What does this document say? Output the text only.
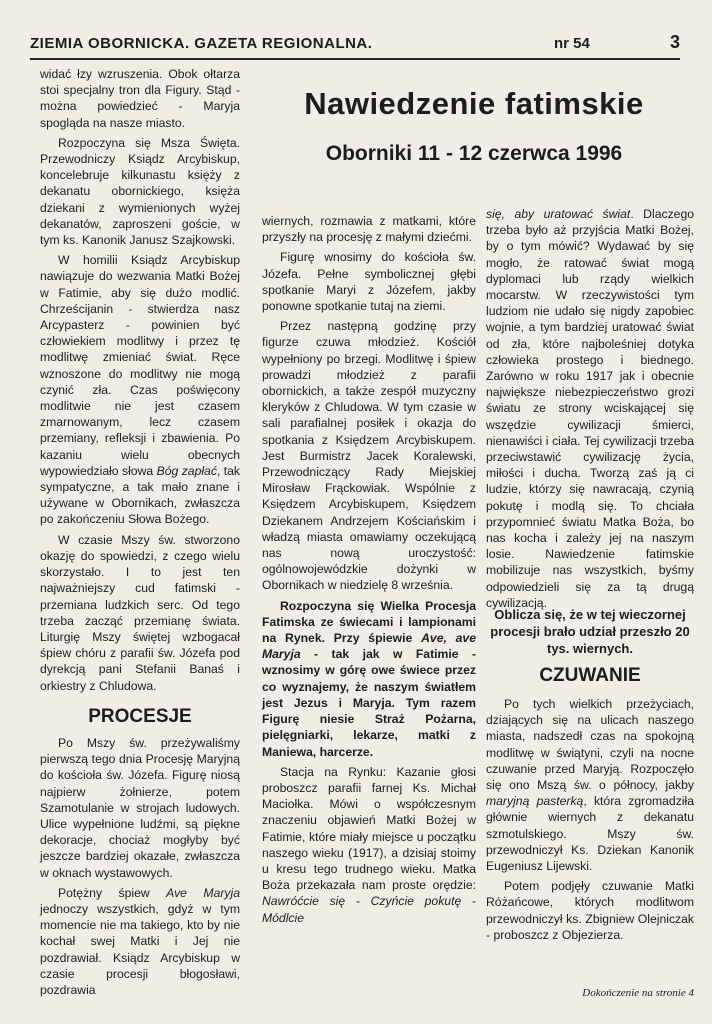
ZIEMIA OBORNICKA. GAZETA REGIONALNA.	nr 54	3
Nawiedzenie fatimskie
Oborniki 11 - 12 czerwca 1996

widać łzy wzruszenia. Obok ołtarza stoi specjalny tron dla Figury. Stąd - można powiedzieć - Maryja spogląda na nasze miasto.

Rozpoczyna się Msza Święta. Przewodniczy Ksiądz Arcybiskup, koncelebruje kilkunastu księży z dekanatu obornickiego, księża dziekani z wymienionych wyżej dekanatów, zaproszeni goście, w tym ks. Kanonik Janusz Szajkowski.

W homilii Ksiądz Arcybiskup nawiązuje do wezwania Matki Bożej w Fatimie, aby się dużo modlić. Chrześcijanin - stwierdza nasz Arcypasterz - powinien być człowiekiem modlitwy i przez tę modlitwę zmieniać świat. Ręce wznoszone do modlitwy nie mogą czynić zła. Czas poświęcony modlitwie nie jest czasem zmarnowanym, lecz czasem przemiany, refleksji i zbawienia. Po kazaniu wielu obecnych wypowiedziało słowa Bóg zapłać, tak sympatyczne, a tak mało znane i używane w Obornikach, zwłaszcza po zakończeniu Słowa Bożego.

W czasie Mszy św. stworzono okazję do spowiedzi, z czego wielu skorzystało. I to jest ten najważniejszy cud fatimski - przemiana ludzkich serc. Od tego trzeba zacząć przemianę świata. Liturgię Mszy świętej wzbogacał śpiew chóru z parafii św. Józefa pod dyrekcją pani Stefanii Banaś i orkiestry z Chludowa.

PROCESJE

Po Mszy św. przeżywaliśmy pierwszą tego dnia Procesję Maryjną do kościoła św. Józefa. Figurę niosą najpierw żołnierze, potem Szamotulanie w strojach ludowych. Ulice wypełnione ludźmi, są piękne dekoracje, chociaż mogłyby być jeszcze bardziej okazałe, zwłaszcza w oknach wystawowych.

Potężny śpiew Ave Maryja jednoczy wszystkich, gdyż w tym momencie nie ma takiego, kto by nie kochał swej Matki i Jej nie pozdrawiał. Ksiądz Arcybiskup w czasie procesji błogosławi, pozdrawia

wiernych, rozmawia z matkami, które przyszły na procesję z małymi dziećmi.

Figurę wnosimy do kościoła św. Józefa. Pełne symbolicznej głębi spotkanie Maryi z Józefem, jakby ponowne spotkanie tutaj na ziemi.

Przez następną godzinę przy figurze czuwa młodzież. Kościół wypełniony po brzegi. Modlitwę i śpiew prowadzi młodzież z parafii obornickich, a także zespół muzyczny kleryków z Chludowa. W tym czasie w sali parafialnej posiłek i okazja do spotkania z Księdzem Arcybiskupem. Jest Burmistrz Jacek Koralewski, Przewodniczący Rady Miejskiej Mirosław Frąckowiak. Wspólnie z Księdzem Arcybiskupem, Księdzem Dziekanem Andrzejem Kościańskim i władzą miasta omawiamy oczekującą nas nową uroczystość: ogólnowojewódzkie dożynki w Obornikach w niedzielę 8 września.

Rozpoczyna się Wielka Procesja Fatimska ze świecami i lampionami na Rynek. Przy śpiewie Ave, ave Maryja - tak jak w Fatimie - wznosimy w górę owe świece przez co wyznajemy, że naszym światłem jest Jezus i Maryja. Tym razem Figurę niesie Straż Pożarna, pielęgniarki, lekarze, matki z Maniewa, harcerze.

Stacja na Rynku: Kazanie głosi proboszcz parafii farnej Ks. Michał Maciołka. Mówi o współczesnym znaczeniu objawień Matki Bożej w Fatimie, które miały miejsce u początku naszego wieku (1917), a dzisiaj stoimy u kresu tego trudnego wieku. Matka Boża przekazała nam proste orędzie: Nawróćcie się - Czyńcie pokutę - Módlcie

się, aby uratować świat. Dlaczego trzeba było aż przyjścia Matki Bożej, by o tym mówić? Wydawać by się mogło, że ratować świat mogą dyplomaci lub rządy wielkich mocarstw. W rzeczywistości tym ludziom nie udało się nigdy zapobiec wojnie, a tym bardziej uratować świat od zła, które najboleśniej dotyka człowieka prostego i biednego. Zarówno w roku 1917 jak i obecnie największe niebezpieczeństwo grozi światu ze strony wciskającej się wszędzie cywilizacji śmierci, nienawiści i ciała. Tej cywilizacji trzeba przeciwstawić cywilizację życia, miłości i ducha. Tworzą zaś ją ci ludzie, którzy się nawracają, czynią pokutę i modlą się. To chciała przypomnieć światu Matka Boża, bo nas kocha i zależy jej na naszym losie. Nawiedzenie fatimskie mobilizuje nas wszystkich, byśmy odpowiedzieli się za tą drugą cywilizacją.

Oblicza się, że w tej wieczornej procesji brało udział przeszło 20 tys. wiernych.
CZUWANIE

Po tych wielkich przeżyciach, dziających się na ulicach naszego miasta, nadszedł czas na spokojną modlitwę w świątyni, czyli na nocne czuwanie przed Maryją. Rozpoczęło się ono Mszą św. o północy, jakby maryjną pasterką, która zgromadziła głównie wiernych z dekanatu szmotulskiego. Mszy św. przewodniczył Ks. Dziekan Kanonik Eugeniusz Lijewski.

Potem podjęły czuwanie Matki Różańcowe, których modlitwom przewodniczył ks. Zbigniew Olejniczak - proboszcz z Objezierza.

Dokończenie na stronie 4
